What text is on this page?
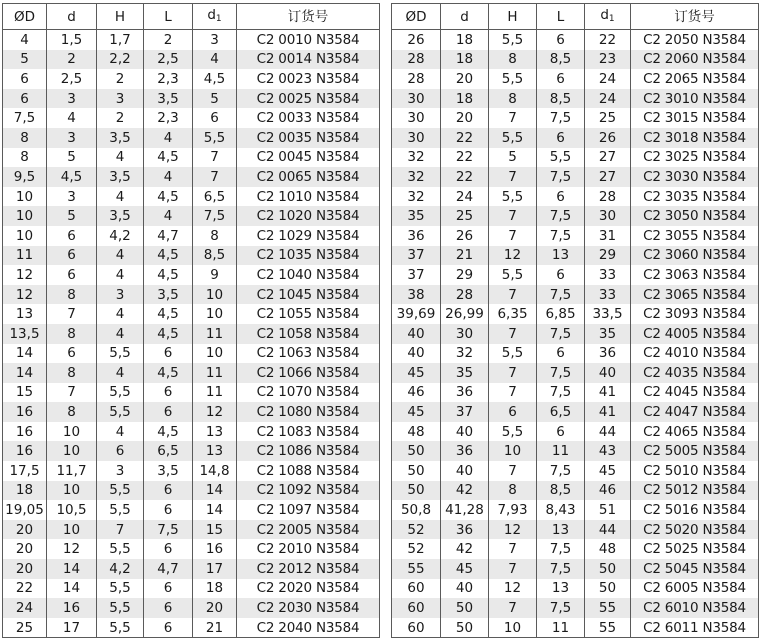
ØD	d	H	L	$d_1$	订货号
4	1,5	1,7	2	3	C2 0010 N3584
5	2	2,2	2,5	4	C2 0014 N3584
6	2,5	2	2,3	4,5	C2 0023 N3584
6	3	3	3,5	5	C2 0025 N3584
7,5	4	2	2,3	6	C2 0033 N3584
8	3	3,5	4	5,5	C2 0035 N3584
8	5	4	4,5	7	C2 0045 N3584
9,5	4,5	3,5	4	7	C2 0065 N3584
10	3	4	4,5	6,5	C2 1010 N3584
10	5	3,5	4	7,5	C2 1020 N3584
10	6	4,2	4,7	8	C2 1029 N3584
11	6	4	4,5	8,5	C2 1035 N3584
12	6	4	4,5	9	C2 1040 N3584
12	8	3	3,5	10	C2 1045 N3584
13	7	4	4,5	10	C2 1055 N3584
13,5	8	4	4,5	11	C2 1058 N3584
14	6	5,5	6	10	C2 1063 N3584
14	8	4	4,5	11	C2 1066 N3584
15	7	5,5	6	11	C2 1070 N3584
16	8	5,5	6	12	C2 1080 N3584
16	10	4	4,5	13	C2 1083 N3584
16	10	6	6,5	13	C2 1086 N3584
17,5	11,7	3	3,5	14,8	C2 1088 N3584
18	10	5,5	6	14	C2 1092 N3584
19,05	10,5	5,5	6	14	C2 1097 N3584
20	10	7	7,5	15	C2 2005 N3584
20	12	5,5	6	16	C2 2010 N3584
20	14	4,2	4,7	17	C2 2012 N3584
22	14	5,5	6	18	C2 2020 N3584
24	16	5,5	6	20	C2 2030 N3584
25	17	5,5	6	21	C2 2040 N3584
ØD	d	H	L	$d_1$	订货号
26	18	5,5	6	22	C2 2050 N3584
28	18	8	8,5	23	C2 2060 N3584
28	20	5,5	6	24	C2 2065 N3584
30	18	8	8,5	24	C2 3010 N3584
30	20	7	7,5	25	C2 3015 N3584
30	22	5,5	6	26	C2 3018 N3584
32	22	5	5,5	27	C2 3025 N3584
32	22	7	7,5	27	C2 3030 N3584
32	24	5,5	6	28	C2 3035 N3584
35	25	7	7,5	30	C2 3050 N3584
36	26	7	7,5	31	C2 3055 N3584
37	21	12	13	29	C2 3060 N3584
37	29	5,5	6	33	C2 3063 N3584
38	28	7	7,5	33	C2 3065 N3584
39,69	26,99	6,35	6,85	33,5	C2 3093 N3584
40	30	7	7,5	35	C2 4005 N3584
40	32	5,5	6	36	C2 4010 N3584
45	35	7	7,5	40	C2 4035 N3584
46	36	7	7,5	41	C2 4045 N3584
45	37	6	6,5	41	C2 4047 N3584
48	40	5,5	6	44	C2 4065 N3584
50	36	10	11	43	C2 5005 N3584
50	40	7	7,5	45	C2 5010 N3584
50	42	8	8,5	46	C2 5012 N3584
50,8	41,28	7,93	8,43	51	C2 5016 N3584
52	36	12	13	44	C2 5020 N3584
52	42	7	7,5	48	C2 5025 N3584
55	45	7	7,5	50	C2 5045 N3584
60	40	12	13	50	C2 6005 N3584
60	50	7	7,5	55	C2 6010 N3584
60	50	10	11	55	C2 6011 N3584
